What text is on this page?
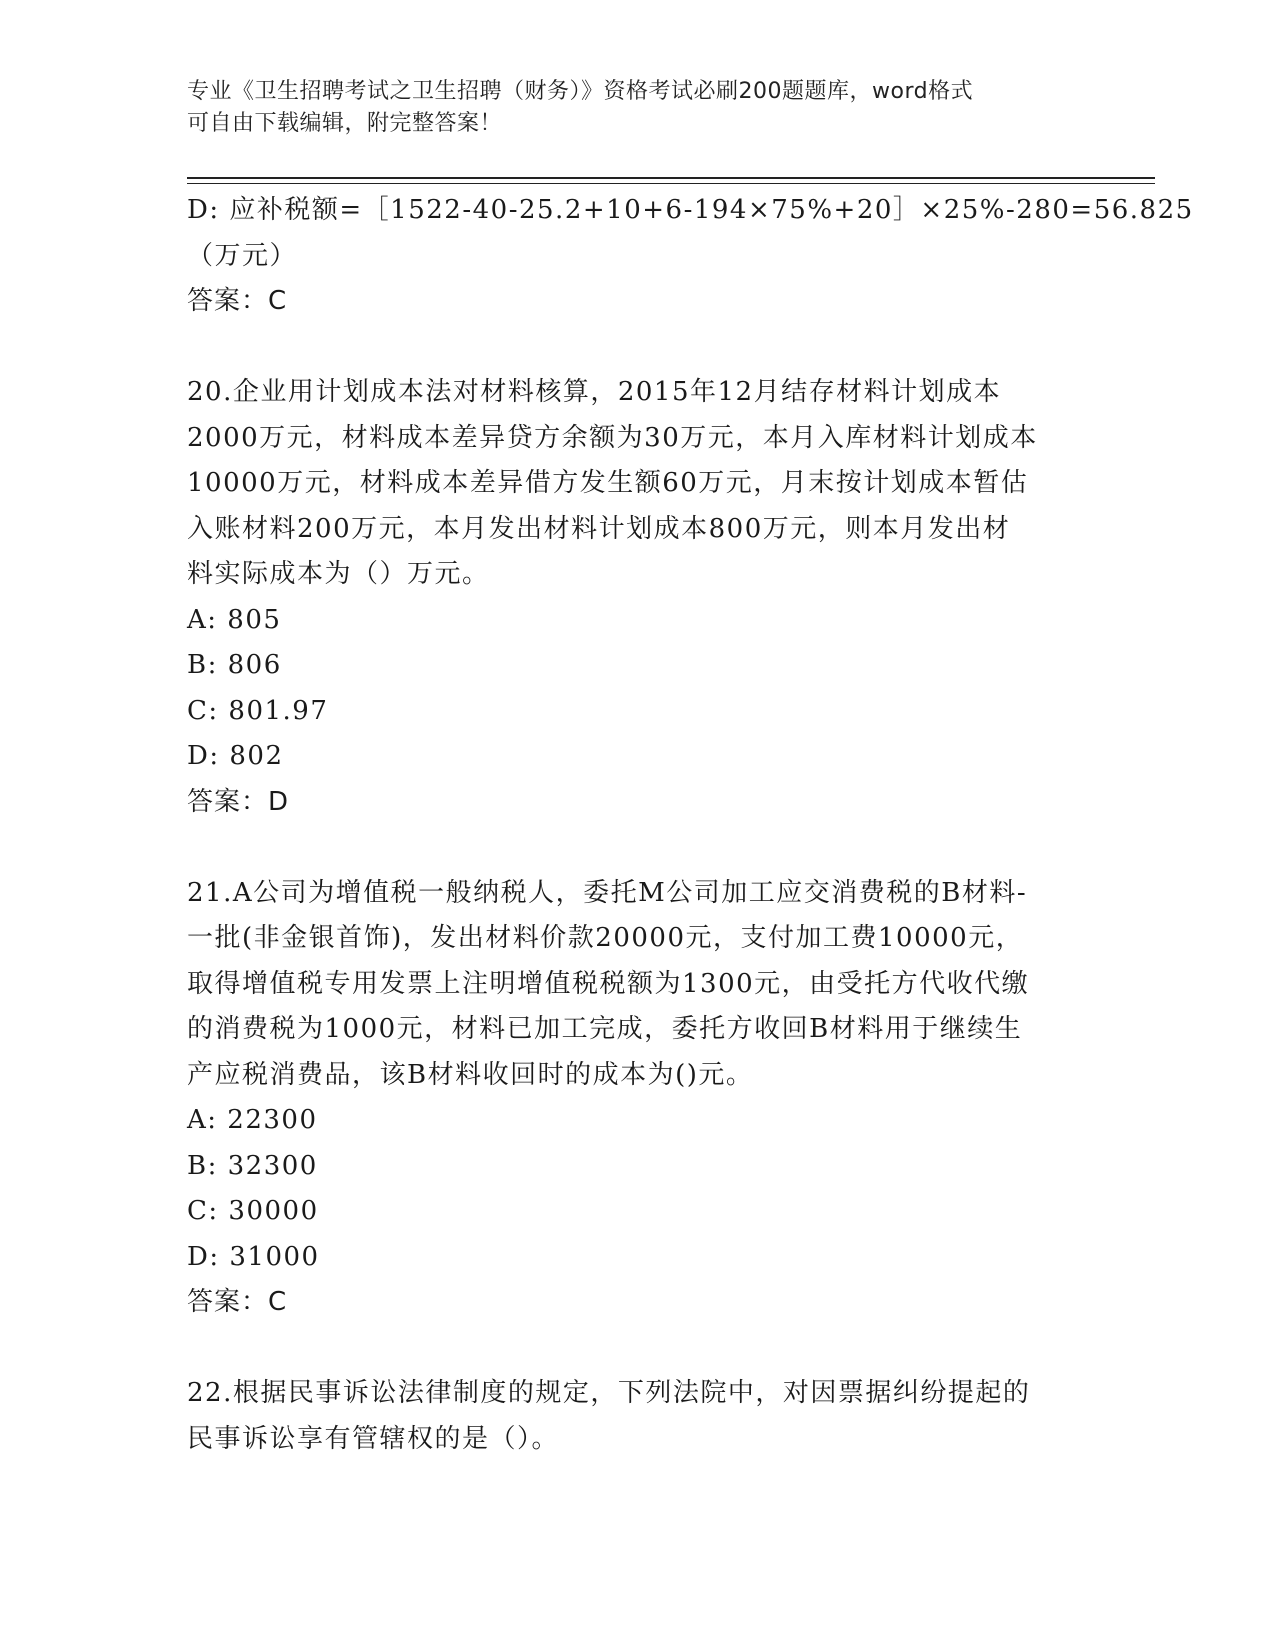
专业《卫生招聘考试之卫生招聘（财务）》资格考试必刷200题题库，word格式
可自由下载编辑，附完整答案！
D: 应补税额=［1522-40-25.2+10+6-194×75%+20］×25%-280=56.825
（万元）
答案：C
20.企业用计划成本法对材料核算，2015年12月结存材料计划成本
2000万元，材料成本差异贷方余额为30万元，本月入库材料计划成本
10000万元，材料成本差异借方发生额60万元，月末按计划成本暂估
入账材料200万元，本月发出材料计划成本800万元，则本月发出材
料实际成本为（）万元。
A: 805
B: 806
C: 801.97
D: 802
答案：D
21.A公司为增值税一般纳税人，委托M公司加工应交消费税的B材料-
一批(非金银首饰)，发出材料价款20000元，支付加工费10000元，
取得增值税专用发票上注明增值税税额为1300元，由受托方代收代缴
的消费税为1000元，材料已加工完成，委托方收回B材料用于继续生
产应税消费品，该B材料收回时的成本为()元。
A: 22300
B: 32300
C: 30000
D: 31000
答案：C
22.根据民事诉讼法律制度的规定，下列法院中，对因票据纠纷提起的
民事诉讼享有管辖权的是（）。
